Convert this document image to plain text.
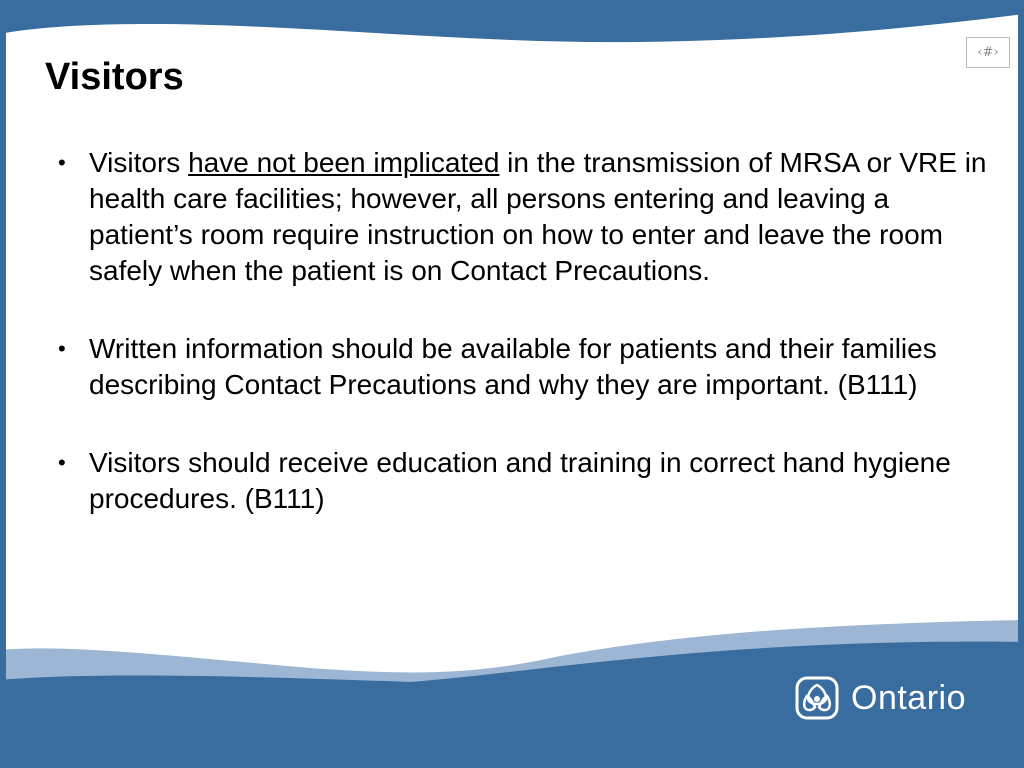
‹#›
Visitors
• Visitors have not been implicated in the transmission of MRSA or VRE in health care facilities; however, all persons entering and leaving a patient’s room require instruction on how to enter and leave the room safely when the patient is on Contact Precautions.
• Written information should be available for patients and their families describing Contact Precautions and why they are important. (B111)
• Visitors should receive education and training in correct hand hygiene procedures. (B111)
Ontario
